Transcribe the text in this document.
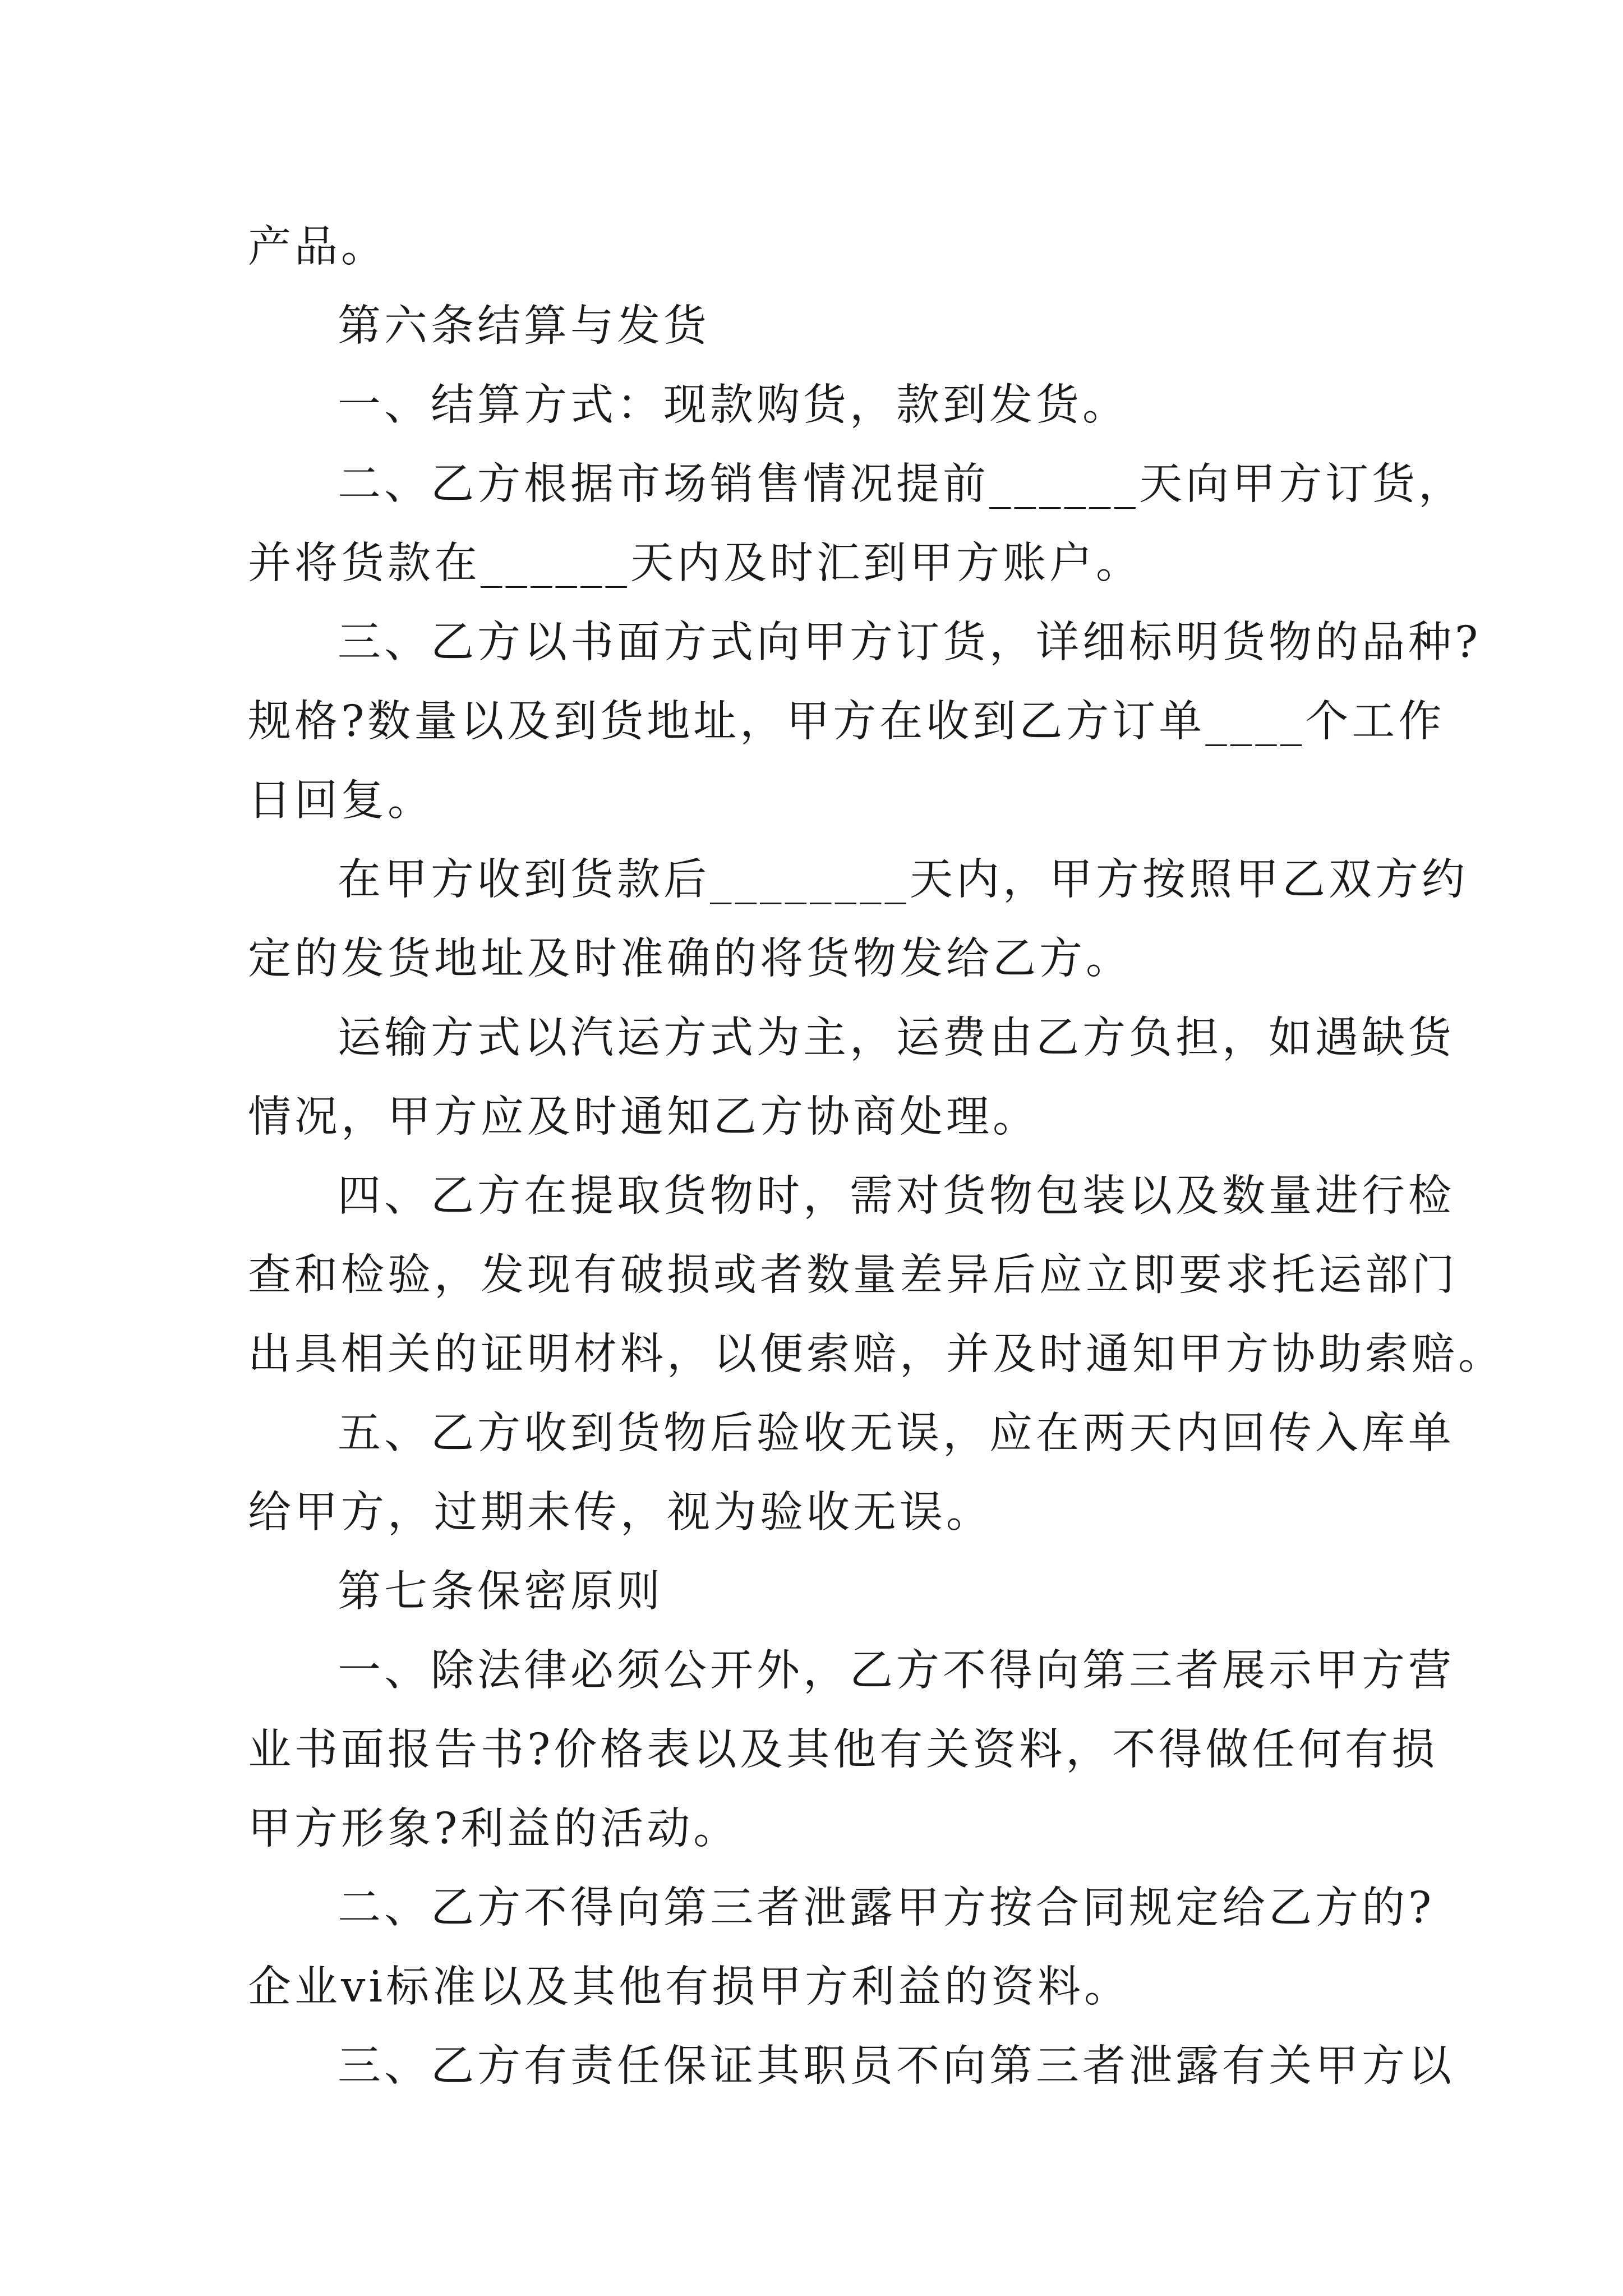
产品。
第六条结算与发货
一、结算方式：现款购货，款到发货。
二、乙方根据市场销售情况提前______天向甲方订货，
并将货款在______天内及时汇到甲方账户。
三、乙方以书面方式向甲方订货，详细标明货物的品种?
规格?数量以及到货地址，甲方在收到乙方订单____个工作
日回复。
在甲方收到货款后________天内，甲方按照甲乙双方约
定的发货地址及时准确的将货物发给乙方。
运输方式以汽运方式为主，运费由乙方负担，如遇缺货
情况，甲方应及时通知乙方协商处理。
四、乙方在提取货物时，需对货物包装以及数量进行检
查和检验，发现有破损或者数量差异后应立即要求托运部门
出具相关的证明材料，以便索赔，并及时通知甲方协助索赔。
五、乙方收到货物后验收无误，应在两天内回传入库单
给甲方，过期未传，视为验收无误。
第七条保密原则
一、除法律必须公开外，乙方不得向第三者展示甲方营
业书面报告书?价格表以及其他有关资料，不得做任何有损
甲方形象?利益的活动。
二、乙方不得向第三者泄露甲方按合同规定给乙方的?
企业vi标准以及其他有损甲方利益的资料。
三、乙方有责任保证其职员不向第三者泄露有关甲方以
